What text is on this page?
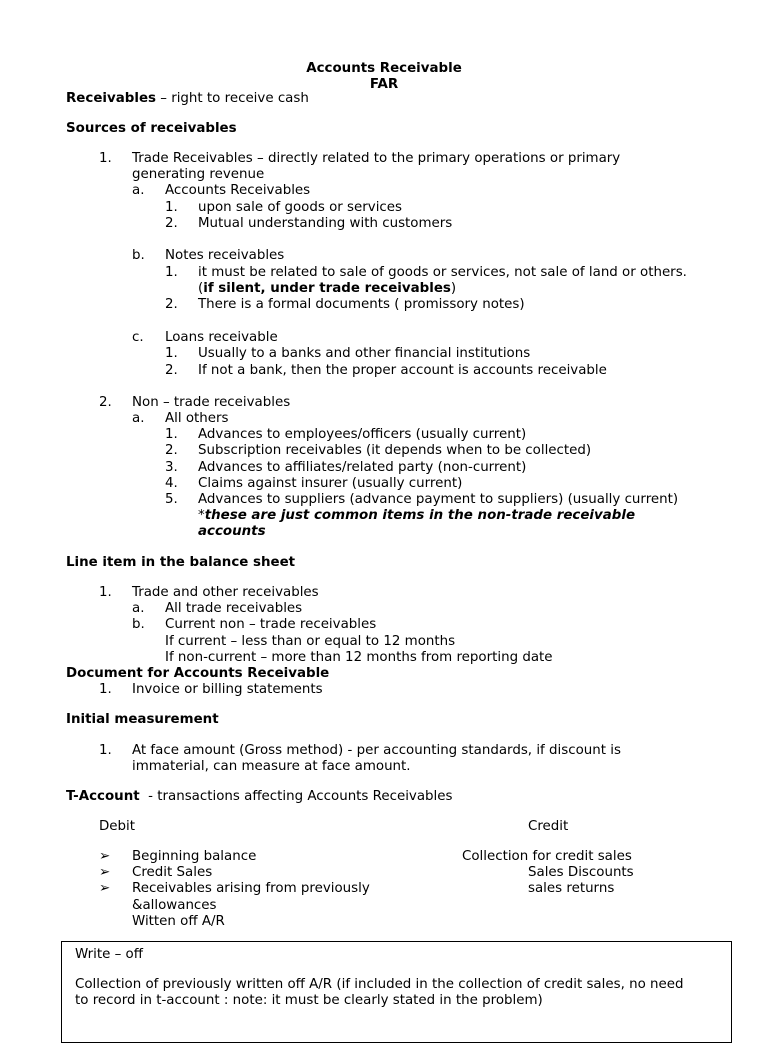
Accounts Receivable
FAR
Receivables – right to receive cash
Sources of receivables
1. Trade Receivables – directly related to the primary operations or primary
generating revenue
a. Accounts Receivables
1. upon sale of goods or services
2. Mutual understanding with customers
b. Notes receivables
1. it must be related to sale of goods or services, not sale of land or others.
(if silent, under trade receivables)
2. There is a formal documents ( promissory notes)
c. Loans receivable
1. Usually to a banks and other financial institutions
2. If not a bank, then the proper account is accounts receivable
2. Non – trade receivables
a. All others
1. Advances to employees/officers (usually current)
2. Subscription receivables (it depends when to be collected)
3. Advances to affiliates/related party (non-current)
4. Claims against insurer (usually current)
5. Advances to suppliers (advance payment to suppliers) (usually current)
*these are just common items in the non-trade receivable
accounts
Line item in the balance sheet
1. Trade and other receivables
a. All trade receivables
b. Current non – trade receivables
If current – less than or equal to 12 months
If non-current – more than 12 months from reporting date
Document for Accounts Receivable
1. Invoice or billing statements
Initial measurement
1. At face amount (Gross method) - per accounting standards, if discount is
immaterial, can measure at face amount.
T-Account  - transactions affecting Accounts Receivables
Debit	Credit
➢ Beginning balance
➢ Credit Sales
➢ Receivables arising from previously
Witten off A/R
Collection for credit sales
Sales Discounts
sales returns
&allowances
Write – off
Collection of previously written off A/R (if included in the collection of credit sales, no need
to record in t-account : note: it must be clearly stated in the problem)
